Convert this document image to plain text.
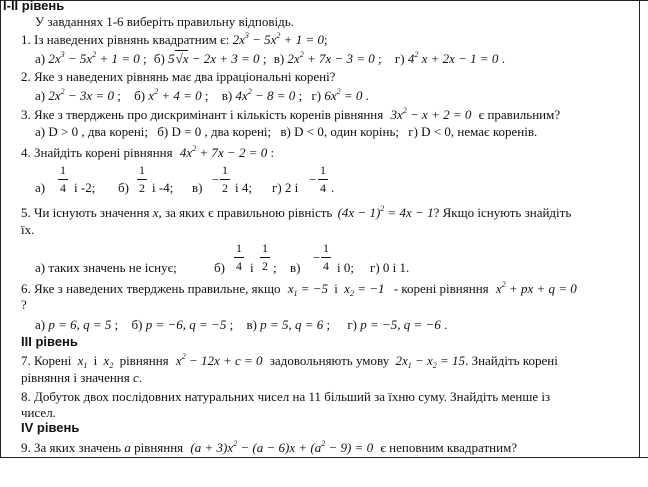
I-II рівень
У завданнях 1-6 виберіть правильну відповідь.
1. Із наведених рівнянь квадратним є: $2x^3 - 5x^2 + 1 = 0$;
а) $2x^3 - 5x^2 + 1 = 0$ ; б) 5√x − 2x + 3 = 0 ; в) $2x^2 + 7x - 3 = 0$ ; г) $4^2$ x + 2x − 1 = 0 .
2. Яке з наведених рівнянь має два ірраціональні корені?
а) $2x^2 - 3x = 0$ ; б) $x^2 + 4 = 0$ ; в) $4x^2 - 8 = 0$ ; г) $6x^2 = 0$ .
3. Яке з тверджень про дискримінант і кількість коренів рівняння $3x^2 - x + 2 = 0$ є правильним?
а) D > 0 , два корені; б) D = 0 , два корені; в) D < 0, один корінь; г) D < 0, немає коренів.
4. Знайдіть корені рівняння $4x^2 + 7x - 2 = 0$ :
а)
1
4 і -2; б)
1
2 і -4; в)
−
1
2 і 4; г) 2 і
−
1
4 .
5. Чи існують значення x, за яких є правильною рівність $(4x - 1)^2 = 4x - 1$? Якщо існують знайдіть
їх.
а) таких значень не існує;	б)
1
4 і
1
2 ; в)
−
1
4 і 0; г) 0 і 1.
6. Яке з наведених тверджень правильне, якщо $x_1 = -5$ і $x_2 = -1$ - корені рівняння $x^2$ + px + q = 0
?
а) p = 6, q = 5 ; б) p = −6, q = −5 ; в) p = 5, q = 6 ; г) p = −5, q = −6 .
III рівень
7. Корені $x_1$ і $x_2$ рівняння $x^2 - 12x + c = 0$ задовольняють умову $2x_1 - x_2 = 15$. Знайдіть корені
рівняння і значення c.
8. Добуток двох послідовних натуральних чисел на 11 більший за їхню суму. Знайдіть менше із
чисел.
IV рівень
9. За яких значень a рівняння $(a + 3)x^2 - (a - 6)x + (a^2 - 9) = 0$ є неповним квадратним?
